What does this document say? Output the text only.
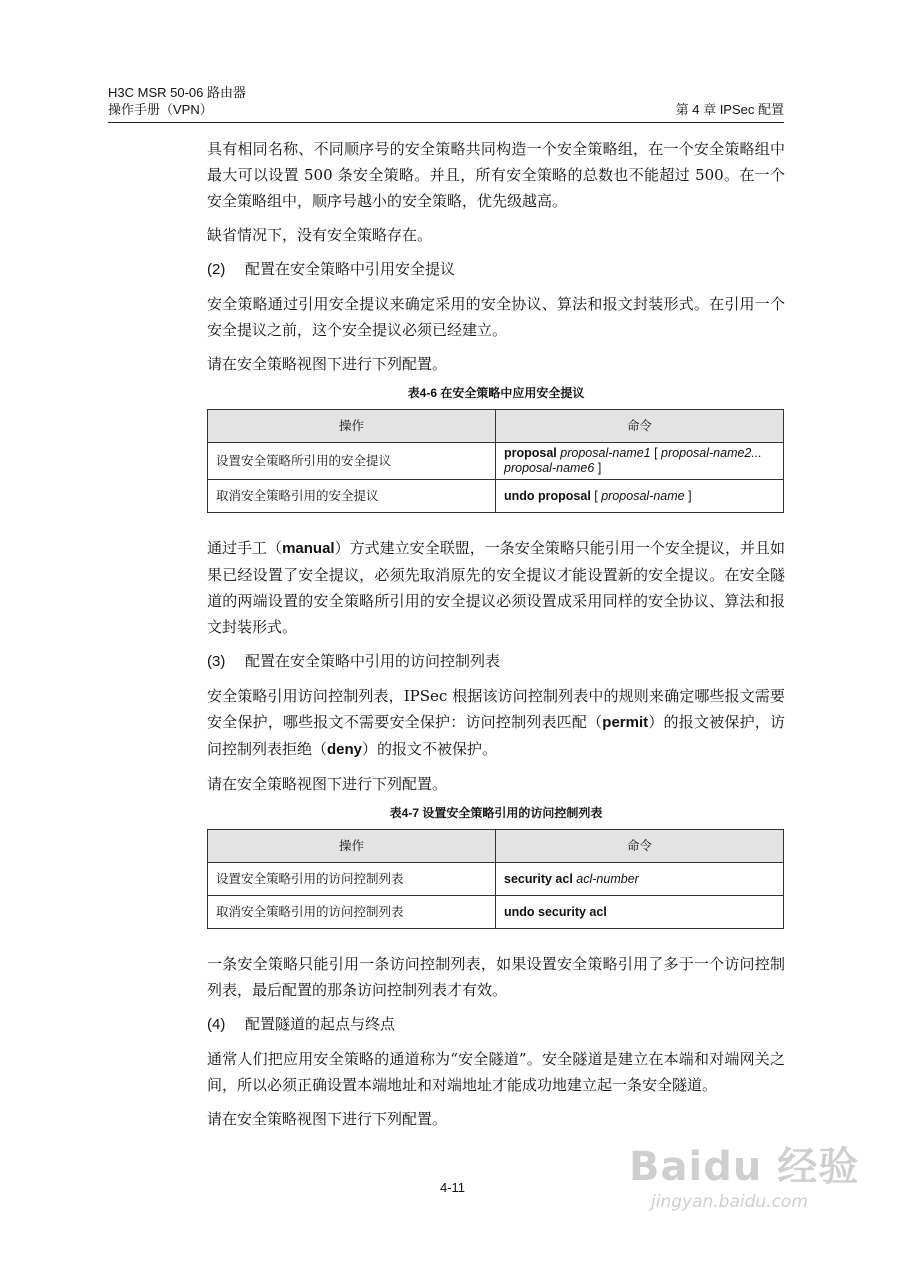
H3C MSR 50-06 路由器
操作手册（VPN）	第 4 章 IPSec 配置

具有相同名称、不同顺序号的安全策略共同构造一个安全策略组，在一个安全策略组中最大可以设置 500 条安全策略。并且，所有安全策略的总数也不能超过 500。在一个安全策略组中，顺序号越小的安全策略，优先级越高。

缺省情况下，没有安全策略存在。

(2) 配置在安全策略中引用安全提议

安全策略通过引用安全提议来确定采用的安全协议、算法和报文封装形式。在引用一个安全提议之前，这个安全提议必须已经建立。

请在安全策略视图下进行下列配置。

表4-6 在安全策略中应用安全提议
操作	命令
设置安全策略所引用的安全提议	proposal proposal-name1 [ proposal-name2... proposal-name6 ]
取消安全策略引用的安全提议	undo proposal [ proposal-name ]

通过手工（manual）方式建立安全联盟，一条安全策略只能引用一个安全提议，并且如果已经设置了安全提议，必须先取消原先的安全提议才能设置新的安全提议。在安全隧道的两端设置的安全策略所引用的安全提议必须设置成采用同样的安全协议、算法和报文封装形式。

(3) 配置在安全策略中引用的访问控制列表

安全策略引用访问控制列表，IPSec 根据该访问控制列表中的规则来确定哪些报文需要安全保护，哪些报文不需要安全保护：访问控制列表匹配（permit）的报文被保护，访问控制列表拒绝（deny）的报文不被保护。

请在安全策略视图下进行下列配置。

表4-7 设置安全策略引用的访问控制列表
操作	命令
设置安全策略引用的访问控制列表	security acl acl-number
取消安全策略引用的访问控制列表	undo security acl

一条安全策略只能引用一条访问控制列表，如果设置安全策略引用了多于一个访问控制列表，最后配置的那条访问控制列表才有效。

(4) 配置隧道的起点与终点

通常人们把应用安全策略的通道称为“安全隧道”。安全隧道是建立在本端和对端网关之间，所以必须正确设置本端地址和对端地址才能成功地建立起一条安全隧道。

请在安全策略视图下进行下列配置。

4-11	Baidu 经验
jingyan.baidu.com
